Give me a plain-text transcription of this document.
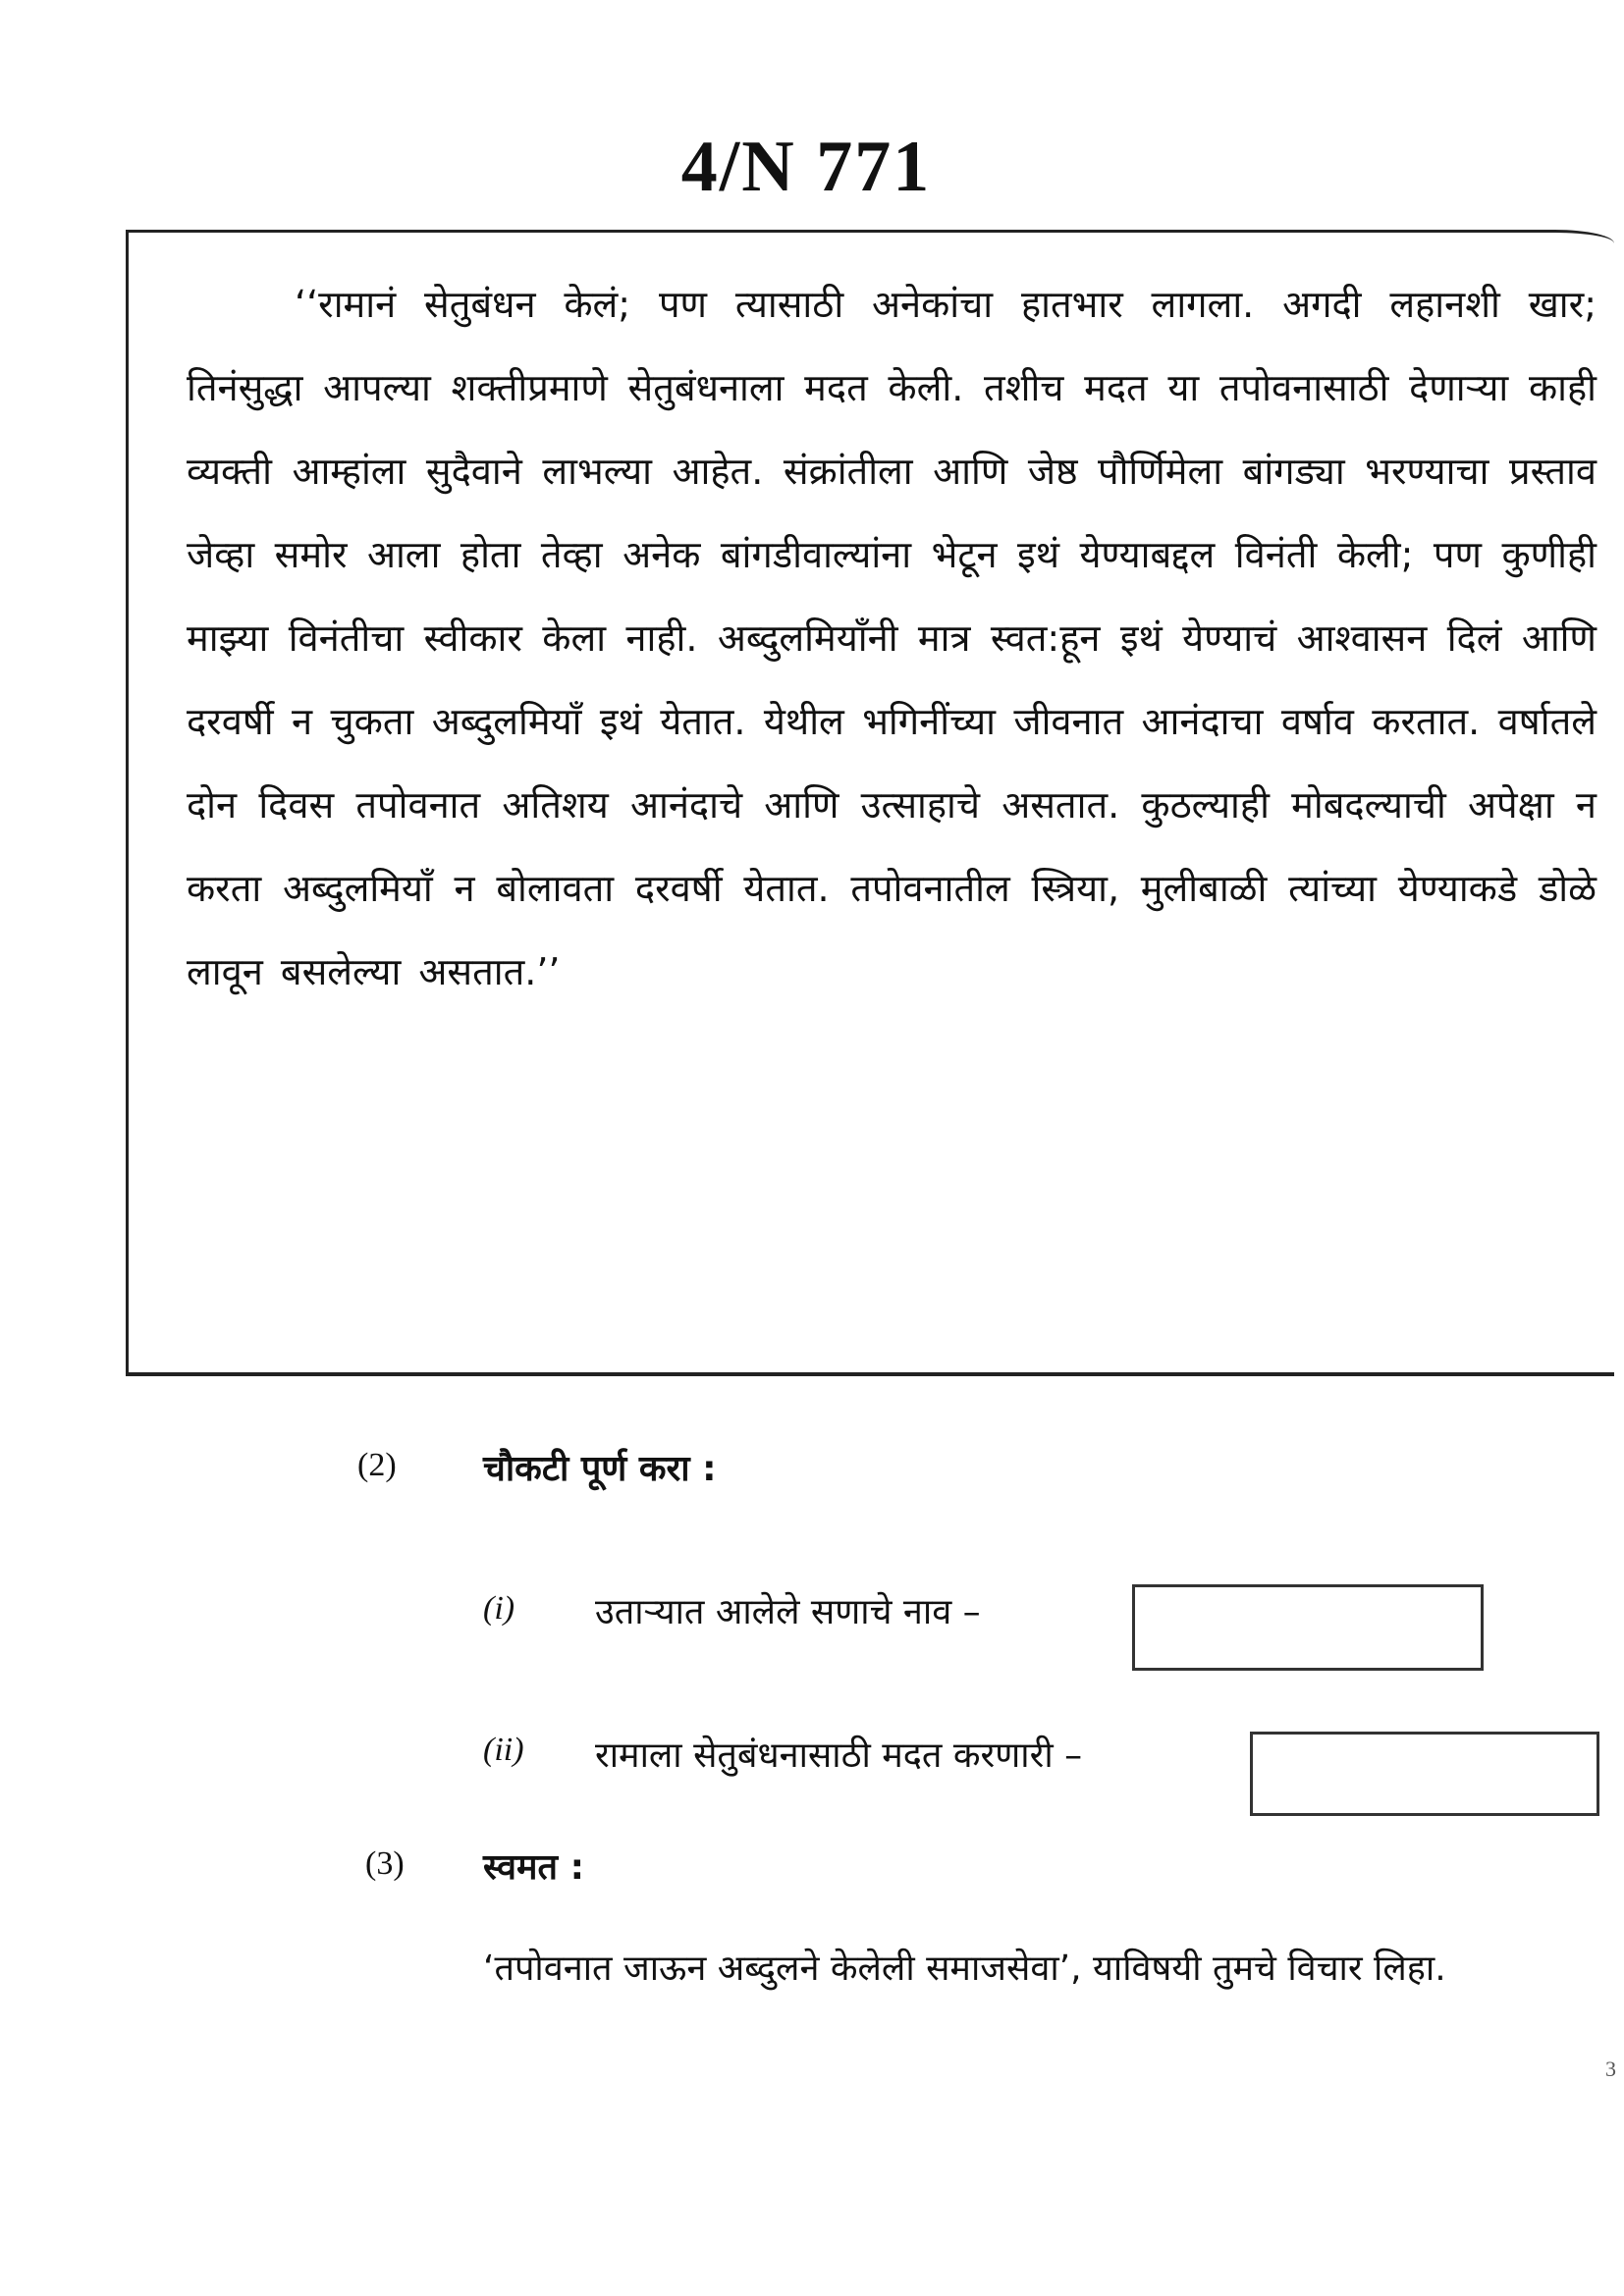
4/N 771

‘‘रामानं सेतुबंधन केलं; पण त्यासाठी अनेकांचा हातभार लागला. अगदी लहानशी खार; तिनंसुद्धा आपल्या शक्तीप्रमाणे सेतुबंधनाला मदत केली. तशीच मदत या तपोवनासाठी देणाऱ्या काही व्यक्ती आम्हांला सुदैवाने लाभल्या आहेत. संक्रांतीला आणि जेष्ठ पौर्णिमेला बांगड्या भरण्याचा प्रस्ताव जेव्हा समोर आला होता तेव्हा अनेक बांगडीवाल्यांना भेटून इथं येण्याबद्दल विनंती केली; पण कुणीही माझ्या विनंतीचा स्वीकार केला नाही. अब्दुलमियाँनी मात्र स्वत:हून इथं येण्याचं आश्वासन दिलं आणि दरवर्षी न चुकता अब्दुलमियाँ इथं येतात. येथील भगिनींच्या जीवनात आनंदाचा वर्षाव करतात. वर्षातले दोन दिवस तपोवनात अतिशय आनंदाचे आणि उत्साहाचे असतात. कुठल्याही मोबदल्याची अपेक्षा न करता अब्दुलमियाँ न बोलावता दरवर्षी येतात. तपोवनातील स्त्रिया, मुलीबाळी त्यांच्या येण्याकडे डोळे लावून बसलेल्या असतात.’’

(2) चौकटी पूर्ण करा :
(i) उताऱ्यात आलेले सणाचे नाव –
(ii) रामाला सेतुबंधनासाठी मदत करणारी –
(3) स्वमत :

‘तपोवनात जाऊन अब्दुलने केलेली समाजसेवा’, याविषयी तुमचे विचार लिहा.

3
